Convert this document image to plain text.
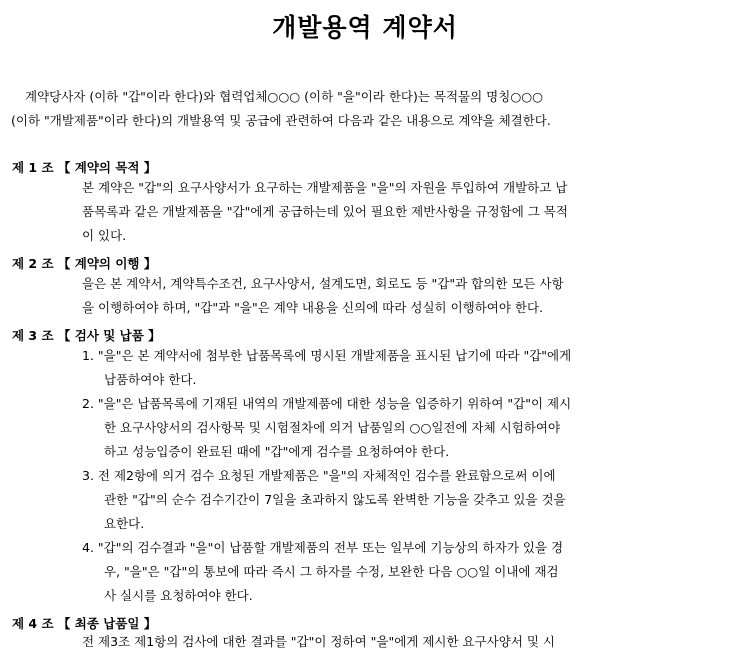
개발용역 계약서
계약당사자 (이하 "갑"이라 한다)와 협력업체○○○ (이하 "을"이라 한다)는 목적물의 명칭○○○
(이하 "개발제품"이라 한다)의 개발용역 및 공급에 관련하여 다음과 같은 내용으로 계약을 체결한다.
제 1 조 【 계약의 목적 】
본 계약은 "갑"의 요구사양서가 요구하는 개발제품을 "을"의 자원을 투입하여 개발하고 납
품목록과 같은 개발제품을 "갑"에게 공급하는데 있어 필요한 제반사항을 규정함에 그 목적
이 있다.
제 2 조 【 계약의 이행 】
을은 본 계약서, 계약특수조건, 요구사양서, 설계도면, 회로도 등 "갑"과 합의한 모든 사항
을 이행하여야 하며, "갑"과 "을"은 계약 내용을 신의에 따라 성실히 이행하여야 한다.
제 3 조 【 검사 및 납품 】
1. "을"은 본 계약서에 첨부한 납품목록에 명시된 개발제품을 표시된 납기에 따라 "갑"에게
납품하여야 한다.
2. "을"은 납품목록에 기재된 내역의 개발제품에 대한 성능을 입증하기 위하여 "갑"이 제시
한 요구사양서의 검사항목 및 시험절차에 의거 납품일의 ○○일전에 자체 시험하여야
하고 성능입증이 완료된 때에 "갑"에게 검수를 요청하여야 한다.
3. 전 제2항에 의거 검수 요청된 개발제품은 "을"의 자체적인 검수를 완료함으로써 이에
관한 "갑"의 순수 검수기간이 7일을 초과하지 않도록 완벽한 기능을 갖추고 있을 것을
요한다.
4. "갑"의 검수결과 "을"이 납품할 개발제품의 전부 또는 일부에 기능상의 하자가 있을 경
우, "을"은 "갑"의 통보에 따라 즉시 그 하자를 수정, 보완한 다음 ○○일 이내에 재검
사 실시를 요청하여야 한다.
제 4 조 【 최종 납품일 】
전 제3조 제1항의 검사에 대한 결과를 "갑"이 정하여 "을"에게 제시한 요구사양서 및 시
